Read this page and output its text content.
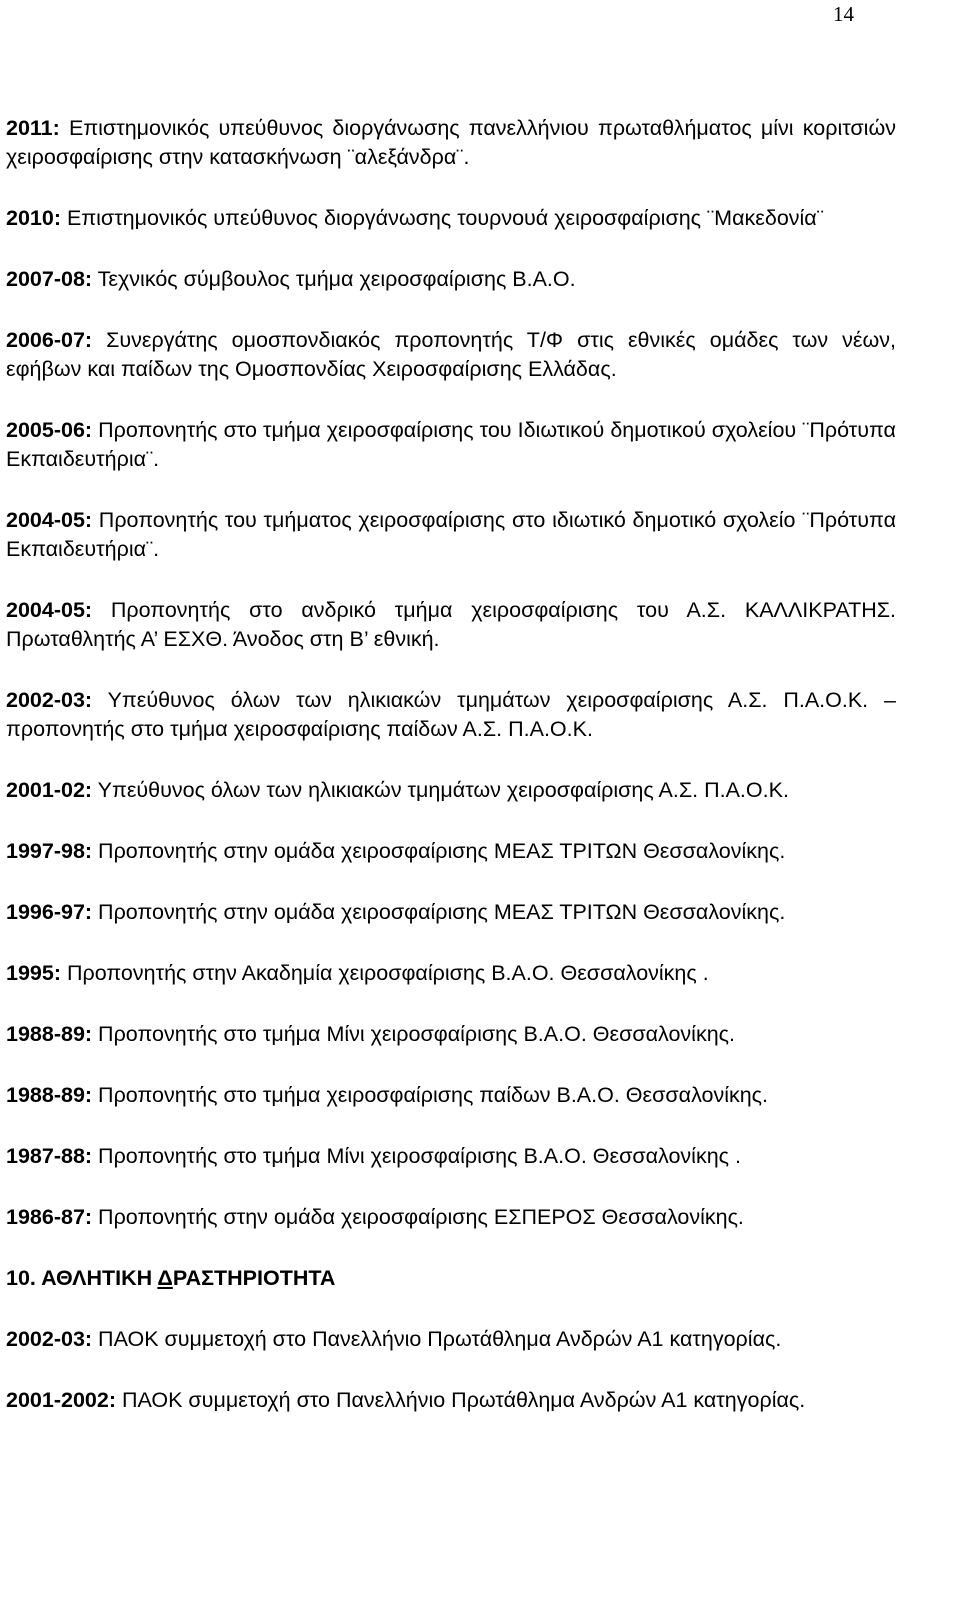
14
2011: Επιστημονικός υπεύθυνος διοργάνωσης πανελλήνιου πρωταθλήματος μίνι κοριτσιών χειροσφαίρισης στην κατασκήνωση ¨αλεξάνδρα¨.
2010: Επιστημονικός υπεύθυνος διοργάνωσης τουρνουά χειροσφαίρισης ¨Μακεδονία¨
2007-08: Τεχνικός σύμβουλος τμήμα χειροσφαίρισης Β.Α.Ο.
2006-07: Συνεργάτης ομοσπονδιακός προπονητής Τ/Φ στις εθνικές ομάδες των νέων, εφήβων και παίδων της Ομοσπονδίας Χειροσφαίρισης Ελλάδας.
2005-06: Προπονητής στο τμήμα χειροσφαίρισης του Ιδιωτικού δημοτικού σχολείου ¨Πρότυπα Εκπαιδευτήρια¨.
2004-05: Προπονητής του τμήματος χειροσφαίρισης στο ιδιωτικό δημοτικό σχολείο ¨Πρότυπα Εκπαιδευτήρια¨.
2004-05: Προπονητής στο ανδρικό τμήμα χειροσφαίρισης του Α.Σ. ΚΑΛΛΙΚΡΑΤΗΣ. Πρωταθλητής Α’ ΕΣΧΘ. Άνοδος στη Β’ εθνική.
2002-03: Υπεύθυνος όλων των ηλικιακών τμημάτων χειροσφαίρισης Α.Σ. Π.Α.Ο.Κ. – προπονητής στο τμήμα χειροσφαίρισης παίδων Α.Σ. Π.Α.Ο.Κ.
2001-02: Υπεύθυνος όλων των ηλικιακών τμημάτων χειροσφαίρισης Α.Σ. Π.Α.Ο.Κ.
1997-98: Προπονητής στην ομάδα χειροσφαίρισης ΜΕΑΣ ΤΡΙΤΩΝ Θεσσαλονίκης.
1996-97: Προπονητής στην ομάδα χειροσφαίρισης ΜΕΑΣ ΤΡΙΤΩΝ Θεσσαλονίκης.
1995: Προπονητής στην Ακαδημία χειροσφαίρισης Β.Α.Ο. Θεσσαλονίκης .
1988-89: Προπονητής στο τμήμα Μίνι χειροσφαίρισης Β.Α.Ο. Θεσσαλονίκης.
1988-89: Προπονητής στο τμήμα χειροσφαίρισης παίδων Β.Α.Ο. Θεσσαλονίκης.
1987-88: Προπονητής στο τμήμα Μίνι χειροσφαίρισης Β.Α.Ο. Θεσσαλονίκης .
1986-87: Προπονητής στην ομάδα χειροσφαίρισης ΕΣΠΕΡΟΣ Θεσσαλονίκης.
10. ΑΘΛΗΤΙΚΗ ΔΡΑΣΤΗΡΙΟΤΗΤΑ
2002-03: ΠΑΟΚ συμμετοχή στο Πανελλήνιο Πρωτάθλημα Ανδρών Α1 κατηγορίας.
2001-2002: ΠΑΟΚ συμμετοχή στο Πανελλήνιο Πρωτάθλημα Ανδρών Α1 κατηγορίας.
